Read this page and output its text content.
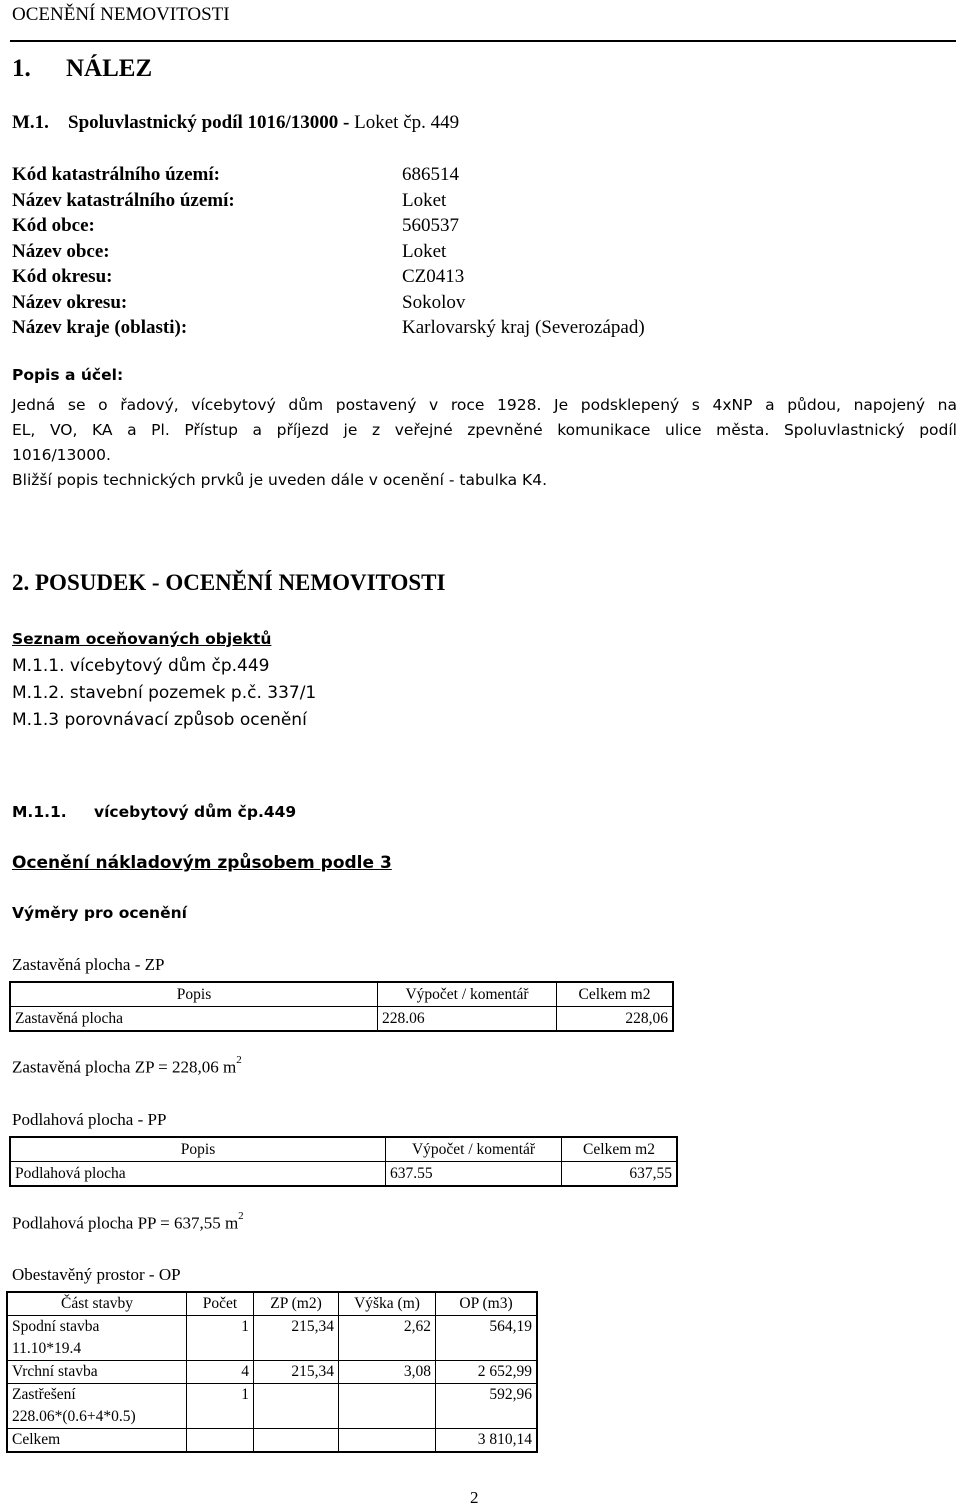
OCENĚNÍ NEMOVITOSTI
1. NÁLEZ
M.1. Spoluvlastnický podíl 1016/13000 - Loket čp. 449
Kód katastrálního území:	686514
Název katastrálního území:	Loket
Kód obce:	560537
Název obce:	Loket
Kód okresu:	CZ0413
Název okresu:	Sokolov
Název kraje (oblasti):	Karlovarský kraj (Severozápad)
Popis a účel:
Jedná se o řadový, vícebytový dům postavený v roce 1928. Je podsklepený s 4xNP a půdou, napojený na
EL, VO, KA a Pl. Přístup a příjezd je z veřejné zpevněné komunikace ulice města. Spoluvlastnický podíl
1016/13000.
Bližší popis technických prvků je uveden dále v ocenění - tabulka K4.
2. POSUDEK - OCENĚNÍ NEMOVITOSTI
Seznam oceňovaných objektů
M.1.1. vícebytový dům čp.449
M.1.2. stavební pozemek p.č. 337/1
M.1.3 porovnávací způsob ocenění
M.1.1. vícebytový dům čp.449
Ocenění nákladovým způsobem podle 3
Výměry pro ocenění
Zastavěná plocha - ZP
Popis	Výpočet / komentář	Celkem m2
Zastavěná plocha	228.06	228,06
Zastavěná plocha ZP = 228,06 $m^2$
Podlahová plocha - PP
Popis	Výpočet / komentář	Celkem m2
Podlahová plocha	637.55	637,55
Podlahová plocha PP = 637,55 $m^2$
Obestavěný prostor - OP
Část stavby	Počet	ZP (m2)	Výška (m)	OP (m3)
Spodní stavba	1	215,34	2,62	564,19
11.10*19.4				
Vrchní stavba	4	215,34	3,08	2 652,99
Zastřešení	1			592,96
228.06*(0.6+4*0.5)				
Celkem				3 810,14
2
